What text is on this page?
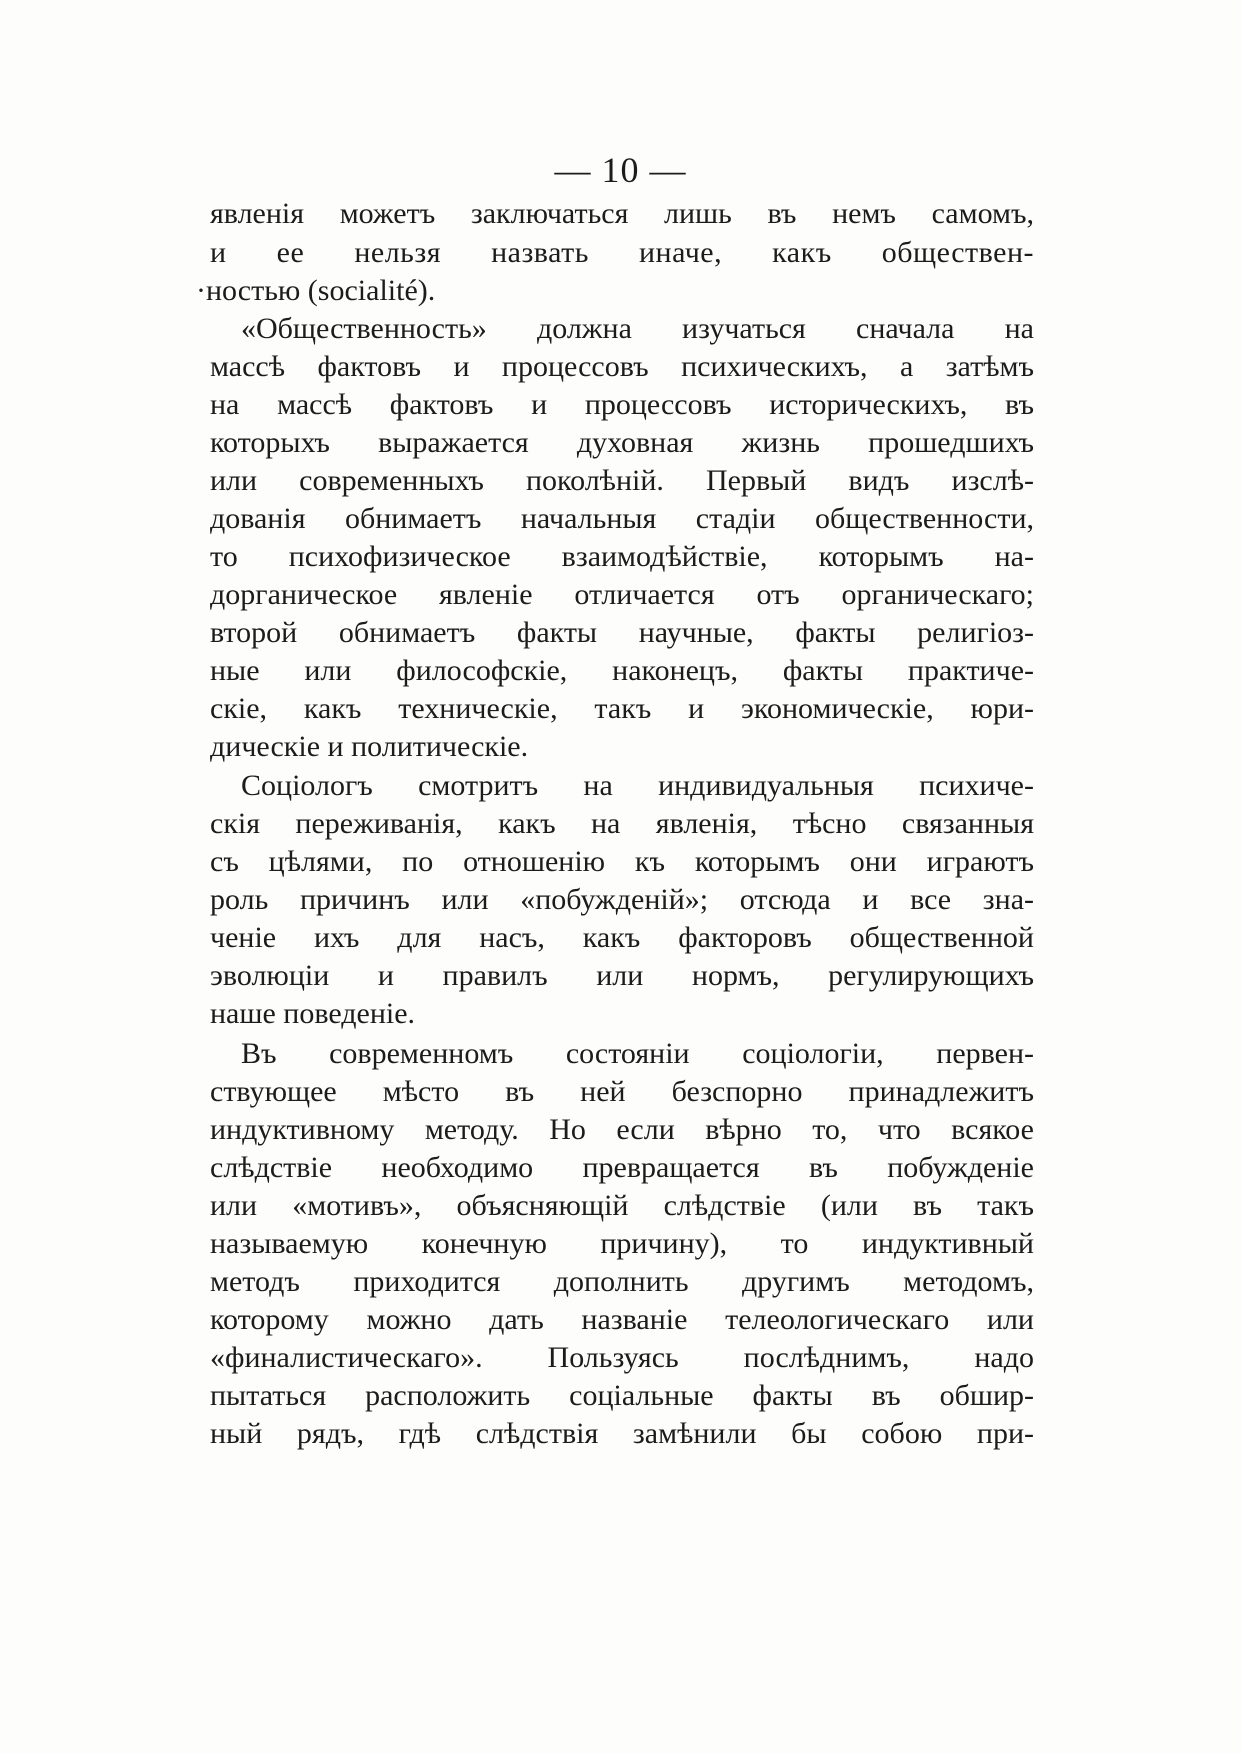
— 10 —
явленія можетъ заключаться лишь въ немъ самомъ,
и ее нельзя назвать иначе, какъ обществен-
·ностью (socialité).
«Общественность» должна изучаться сначала на
массѣ фактовъ и процессовъ психическихъ, а затѣмъ
на массѣ фактовъ и процессовъ историческихъ, въ
которыхъ выражается духовная жизнь прошедшихъ
или современныхъ поколѣній. Первый видъ изслѣ-
дованія обнимаетъ начальныя стадіи общественности,
то психофизическое взаимодѣйствіе, которымъ на-
дорганическое явленіе отличается отъ органическаго;
второй обнимаетъ факты научные, факты религіоз-
ные или философскіе, наконецъ, факты практиче-
скіе, какъ техническіе, такъ и экономическіе, юри-
дическіе и политическіе.
Соціологъ смотритъ на индивидуальныя психиче-
скія переживанія, какъ на явленія, тѣсно связанныя
съ цѣлями, по отношенію къ которымъ они играютъ
роль причинъ или «побужденій»; отсюда и все зна-
ченіе ихъ для насъ, какъ факторовъ общественной
эволюціи и правилъ или нормъ, регулирующихъ
наше поведеніе.
Въ современномъ состояніи соціологіи, первен-
ствующее мѣсто въ ней безспорно принадлежитъ
индуктивному методу. Но если вѣрно то, что всякое
слѣдствіе необходимо превращается въ побужденіе
или «мотивъ», объясняющій слѣдствіе (или въ такъ
называемую конечную причину), то индуктивный
методъ приходится дополнить другимъ методомъ,
которому можно дать названіе телеологическаго или
«финалистическаго». Пользуясь послѣднимъ, надо
пытаться расположить соціальные факты въ обшир-
ный рядъ, гдѣ слѣдствія замѣнили бы собою при-
